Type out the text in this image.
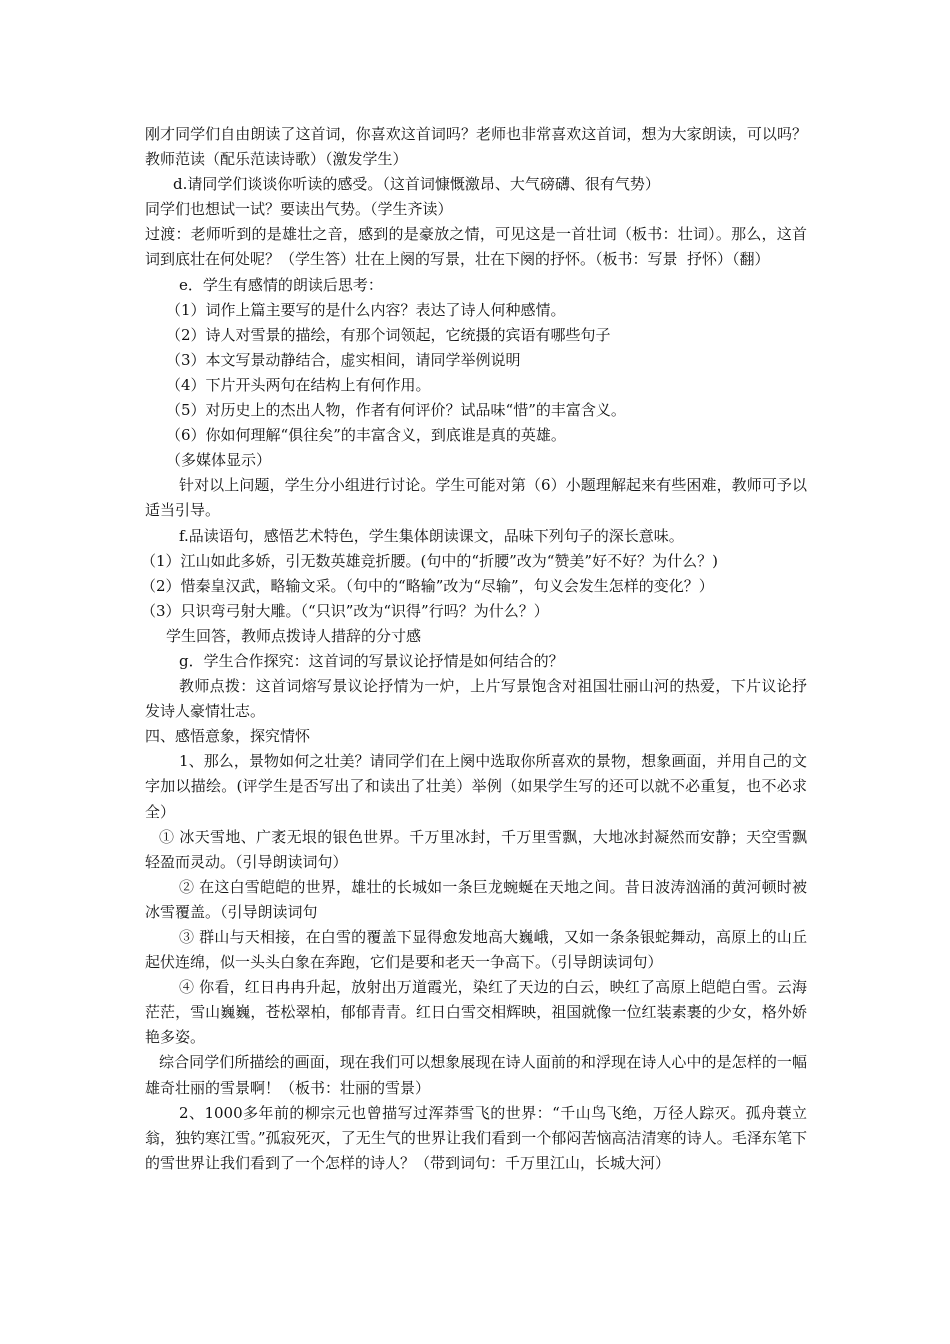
刚才同学们自由朗读了这首词，你喜欢这首词吗？老师也非常喜欢这首词，想为大家朗读，可以吗？教师范读（配乐范读诗歌）（激发学生）

d.请同学们谈谈你听读的感受。（这首词慷慨激昂、大气磅礴、很有气势）

同学们也想试一试？要读出气势。（学生齐读）

过渡：老师听到的是雄壮之音，感到的是豪放之情，可见这是一首壮词（板书：壮词）。那么，这首词到底壮在何处呢？（学生答）壮在上阕的写景，壮在下阕的抒怀。（板书：写景  抒怀）（翻）

e．学生有感情的朗读后思考：

（1）词作上篇主要写的是什么内容？表达了诗人何种感情。

（2）诗人对雪景的描绘，有那个词领起，它统摄的宾语有哪些句子

（3）本文写景动静结合，虚实相间，请同学举例说明

（4）下片开头两句在结构上有何作用。

（5）对历史上的杰出人物，作者有何评价？试品味“惜”的丰富含义。

（6）你如何理解“俱往矣”的丰富含义，到底谁是真的英雄。

（多媒体显示）

针对以上问题，学生分小组进行讨论。学生可能对第（6）小题理解起来有些困难，教师可予以适当引导。

f.品读语句，感悟艺术特色，学生集体朗读课文，品味下列句子的深长意味。

（1）江山如此多娇，引无数英雄竞折腰。(句中的“折腰”改为“赞美”好不好？为什么？)

（2）惜秦皇汉武，略输文采。（句中的“略输”改为“尽输”，句义会发生怎样的变化？）

（3）只识弯弓射大雕。（“只识”改为“识得”行吗？为什么？）

学生回答，教师点拨诗人措辞的分寸感

g．学生合作探究：这首词的写景议论抒情是如何结合的？

教师点拨：这首词熔写景议论抒情为一炉，上片写景饱含对祖国壮丽山河的热爱，下片议论抒发诗人豪情壮志。

四、感悟意象，探究情怀

1、那么，景物如何之壮美？请同学们在上阕中选取你所喜欢的景物，想象画面，并用自己的文字加以描绘。(评学生是否写出了和读出了壮美）举例（如果学生写的还可以就不必重复，也不必求全）

① 冰天雪地、广袤无垠的银色世界。千万里冰封，千万里雪飘，大地冰封凝然而安静；天空雪飘轻盈而灵动。（引导朗读词句）

② 在这白雪皑皑的世界，雄壮的长城如一条巨龙蜿蜒在天地之间。昔日波涛汹涌的黄河顿时被冰雪覆盖。（引导朗读词句

③ 群山与天相接，在白雪的覆盖下显得愈发地高大巍峨，又如一条条银蛇舞动，高原上的山丘起伏连绵，似一头头白象在奔跑，它们是要和老天一争高下。（引导朗读词句）

④ 你看，红日冉冉升起，放射出万道霞光，染红了天边的白云，映红了高原上皑皑白雪。云海茫茫，雪山巍巍，苍松翠柏，郁郁青青。红日白雪交相辉映，祖国就像一位红装素裹的少女，格外娇艳多姿。

综合同学们所描绘的画面，现在我们可以想象展现在诗人面前的和浮现在诗人心中的是怎样的一幅雄奇壮丽的雪景啊！（板书：壮丽的雪景）

2、1000多年前的柳宗元也曾描写过浑莽雪飞的世界：“千山鸟飞绝，万径人踪灭。孤舟蓑立翁，独钓寒江雪。”孤寂死灭，了无生气的世界让我们看到一个郁闷苦恼高洁清寒的诗人。毛泽东笔下的雪世界让我们看到了一个怎样的诗人？（带到词句：千万里江山，长城大河）
